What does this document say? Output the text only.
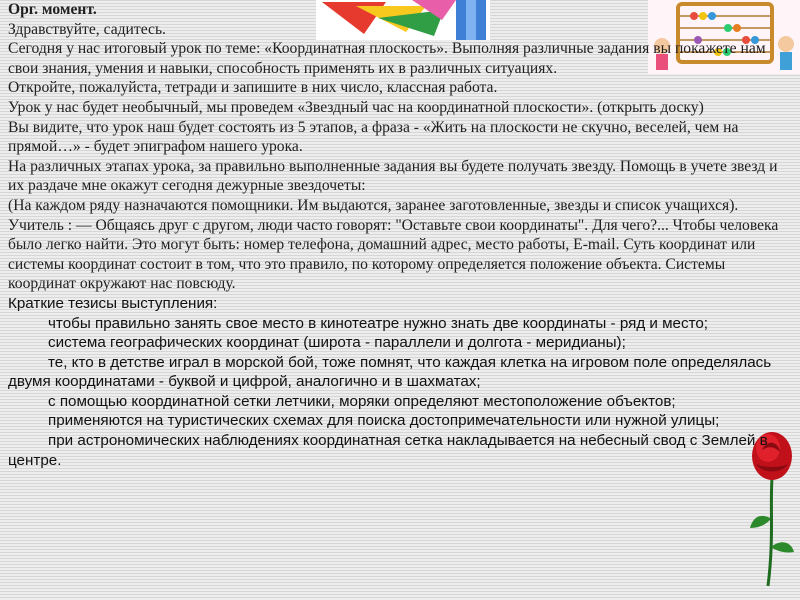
Орг. момент.

Здравствуйте, садитесь.

Сегодня у нас итоговый урок по теме: «Координатная плоскость». Выполняя различные задания вы покажете нам свои знания, умения и навыки, способность применять их в различных ситуациях.

Откройте, пожалуйста, тетради и запишите в них число, классная работа.

Урок у нас будет необычный, мы проведем «Звездный час на координатной плоскости». (открыть доску)

Вы видите, что урок наш будет состоять из 5 этапов, а фраза - «Жить на плоскости не скучно, веселей, чем на прямой…» - будет эпиграфом нашего урока.

На различных этапах урока, за правильно выполненные задания вы будете получать звезду. Помощь в учете звезд и их раздаче мне окажут сегодня дежурные звездочеты:

(На каждом ряду назначаются помощники. Им выдаются, заранее заготовленные, звезды и список учащихся).

Учитель : — Общаясь друг с другом, люди часто говорят: "Оставьте свои координаты". Для чего?... Чтобы человека было легко найти. Это могут быть: номер телефона, домашний адрес, место работы, E-mail. Суть координат или системы координат состоит в том, что это правило, по которому определяется положение объекта. Системы координат окружают нас повсюду.

Краткие тезисы выступления:

чтобы правильно занять свое место в кинотеатре нужно знать две координаты - ряд и место;

система географических координат (широта - параллели и долгота - меридианы);

те, кто в детстве играл в морской бой, тоже помнят, что каждая клетка на игровом поле определялась двумя координатами - буквой и цифрой, аналогично и в шахматах;

с помощью координатной сетки летчики, моряки определяют местоположение объектов;

применяются на туристических схемах для поиска достопримечательности или нужной улицы;

при астрономических наблюдениях координатная сетка накладывается на небесный свод с Землей в центре.
